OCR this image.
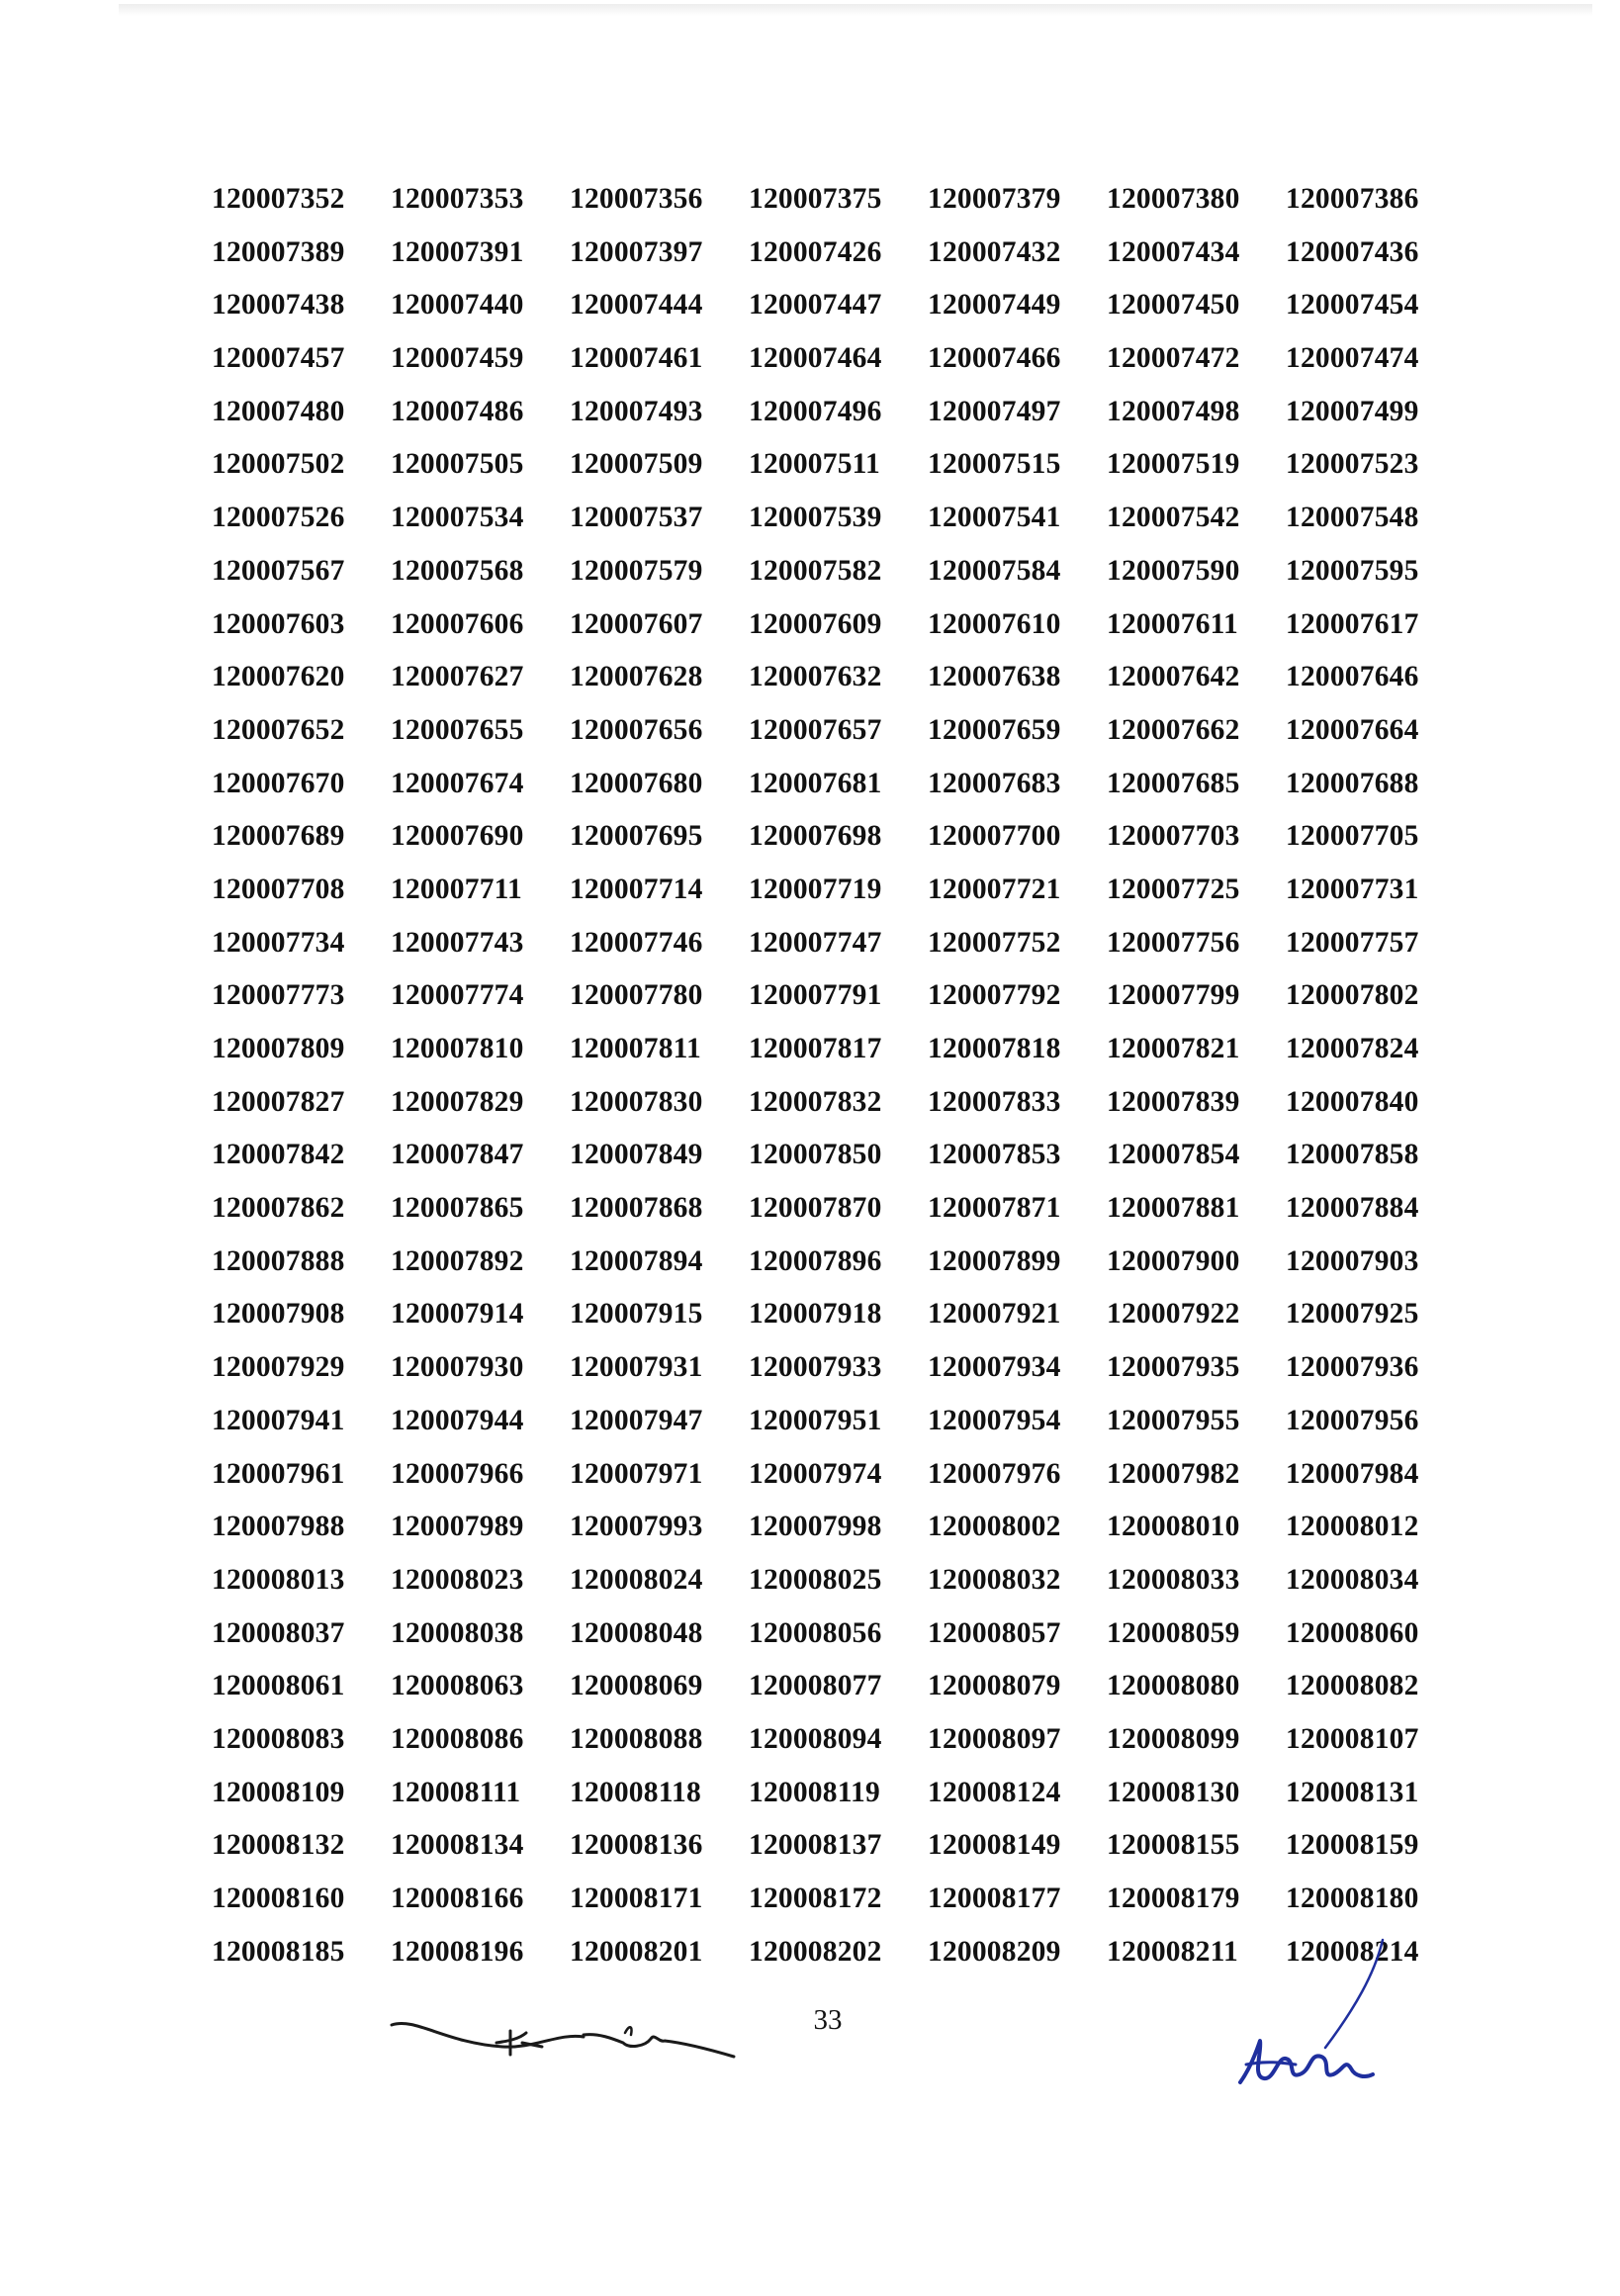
120007352	120007353	120007356	120007375	120007379	120007380	120007386
120007389	120007391	120007397	120007426	120007432	120007434	120007436
120007438	120007440	120007444	120007447	120007449	120007450	120007454
120007457	120007459	120007461	120007464	120007466	120007472	120007474
120007480	120007486	120007493	120007496	120007497	120007498	120007499
120007502	120007505	120007509	120007511	120007515	120007519	120007523
120007526	120007534	120007537	120007539	120007541	120007542	120007548
120007567	120007568	120007579	120007582	120007584	120007590	120007595
120007603	120007606	120007607	120007609	120007610	120007611	120007617
120007620	120007627	120007628	120007632	120007638	120007642	120007646
120007652	120007655	120007656	120007657	120007659	120007662	120007664
120007670	120007674	120007680	120007681	120007683	120007685	120007688
120007689	120007690	120007695	120007698	120007700	120007703	120007705
120007708	120007711	120007714	120007719	120007721	120007725	120007731
120007734	120007743	120007746	120007747	120007752	120007756	120007757
120007773	120007774	120007780	120007791	120007792	120007799	120007802
120007809	120007810	120007811	120007817	120007818	120007821	120007824
120007827	120007829	120007830	120007832	120007833	120007839	120007840
120007842	120007847	120007849	120007850	120007853	120007854	120007858
120007862	120007865	120007868	120007870	120007871	120007881	120007884
120007888	120007892	120007894	120007896	120007899	120007900	120007903
120007908	120007914	120007915	120007918	120007921	120007922	120007925
120007929	120007930	120007931	120007933	120007934	120007935	120007936
120007941	120007944	120007947	120007951	120007954	120007955	120007956
120007961	120007966	120007971	120007974	120007976	120007982	120007984
120007988	120007989	120007993	120007998	120008002	120008010	120008012
120008013	120008023	120008024	120008025	120008032	120008033	120008034
120008037	120008038	120008048	120008056	120008057	120008059	120008060
120008061	120008063	120008069	120008077	120008079	120008080	120008082
120008083	120008086	120008088	120008094	120008097	120008099	120008107
120008109	120008111	120008118	120008119	120008124	120008130	120008131
120008132	120008134	120008136	120008137	120008149	120008155	120008159
120008160	120008166	120008171	120008172	120008177	120008179	120008180
120008185	120008196	120008201	120008202	120008209	120008211	120008214
33
